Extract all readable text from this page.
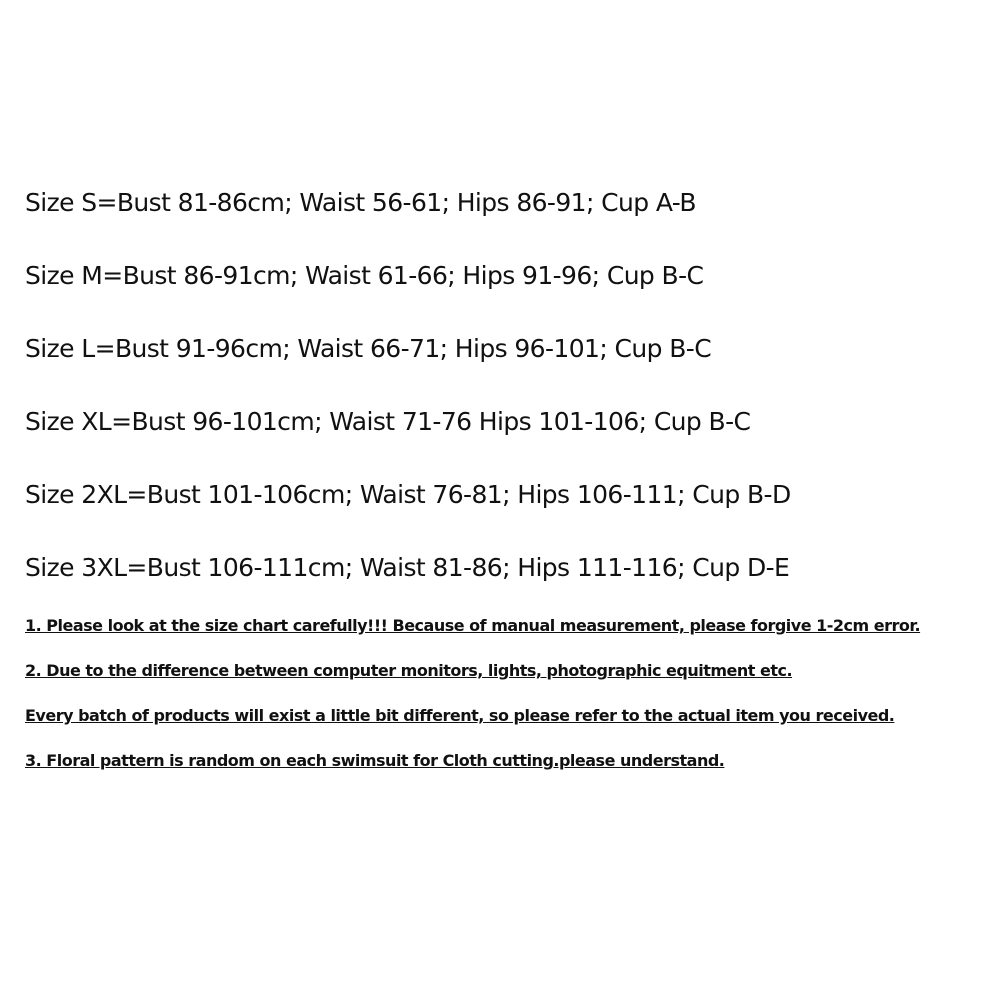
Size S=Bust 81-86cm; Waist 56-61; Hips 86-91; Cup A-B
Size M=Bust 86-91cm; Waist 61-66; Hips 91-96; Cup B-C
Size L=Bust 91-96cm; Waist 66-71; Hips 96-101; Cup B-C
Size XL=Bust 96-101cm; Waist 71-76 Hips 101-106; Cup B-C
Size 2XL=Bust 101-106cm; Waist 76-81; Hips 106-111; Cup B-D
Size 3XL=Bust 106-111cm; Waist 81-86; Hips 111-116; Cup D-E
1. Please look at the size chart carefully!!! Because of manual measurement, please forgive 1-2cm error.
2. Due to the difference between computer monitors, lights, photographic equitment etc.
Every batch of products will exist a little bit different, so please refer to the actual item you received.
3. Floral pattern is random on each swimsuit for Cloth cutting.please understand.
